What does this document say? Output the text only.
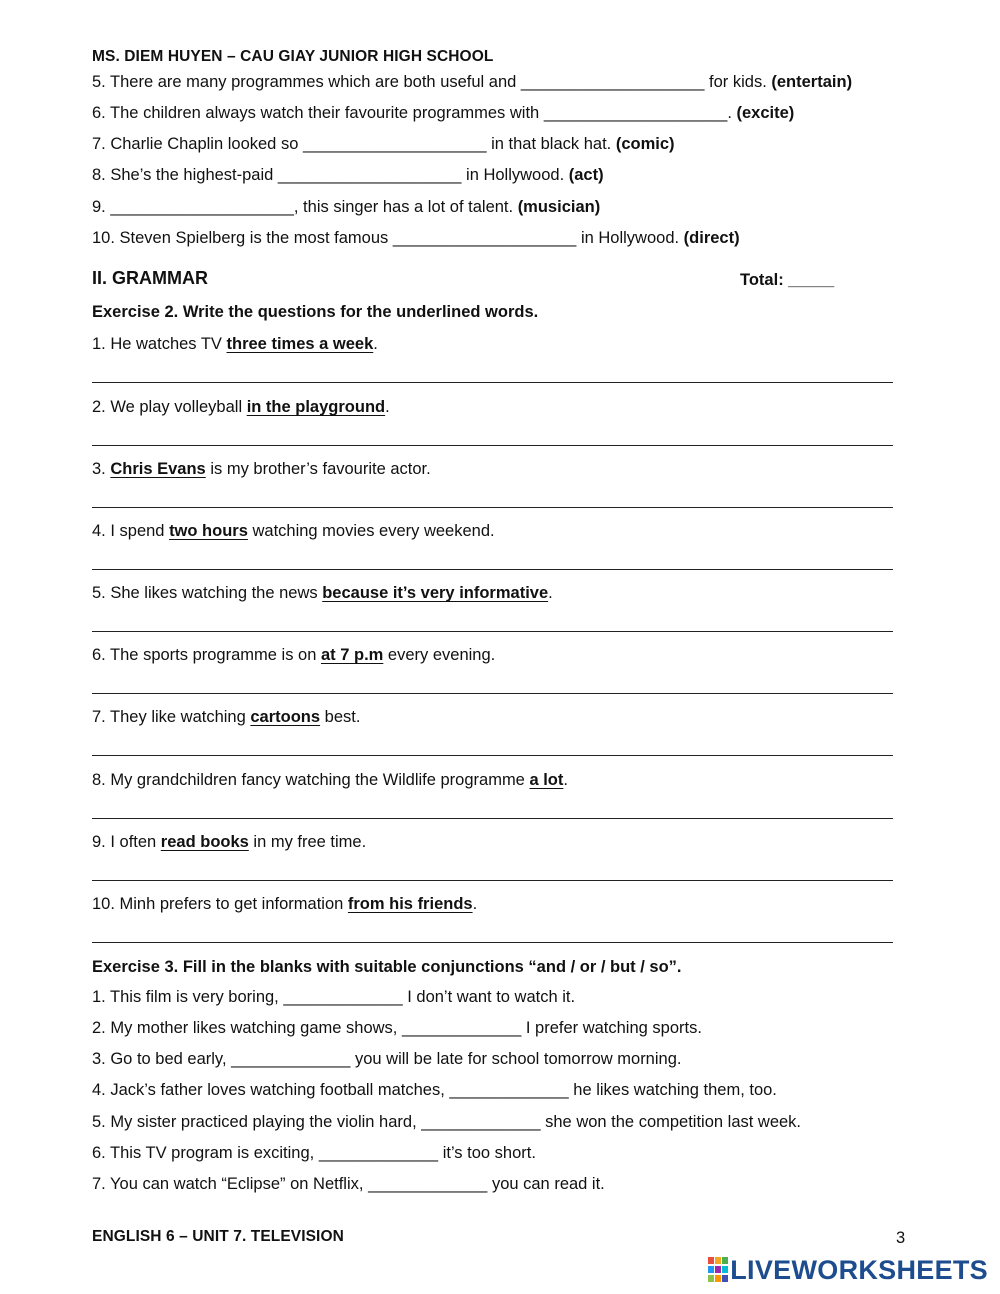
MS. DIEM HUYEN – CAU GIAY JUNIOR HIGH SCHOOL
5. There are many programmes which are both useful and ____________________ for kids. (entertain)
6. The children always watch their favourite programmes with ____________________. (excite)
7. Charlie Chaplin looked so ____________________ in that black hat. (comic)
8. She’s the highest-paid ____________________ in Hollywood. (act)
9. ____________________, this singer has a lot of talent. (musician)
10. Steven Spielberg is the most famous ____________________ in Hollywood. (direct)
II. GRAMMAR	Total: _____
Exercise 2. Write the questions for the underlined words.
1. He watches TV three times a week.
2. We play volleyball in the playground.
3. Chris Evans is my brother’s favourite actor.
4. I spend two hours watching movies every weekend.
5. She likes watching the news because it’s very informative.
6. The sports programme is on at 7 p.m every evening.
7. They like watching cartoons best.
8. My grandchildren fancy watching the Wildlife programme a lot.
9. I often read books in my free time.
10. Minh prefers to get information from his friends.
Exercise 3. Fill in the blanks with suitable conjunctions “and / or / but / so”.
1. This film is very boring, _____________ I don’t want to watch it.
2. My mother likes watching game shows, _____________ I prefer watching sports.
3. Go to bed early, _____________ you will be late for school tomorrow morning.
4. Jack’s father loves watching football matches, _____________ he likes watching them, too.
5. My sister practiced playing the violin hard, _____________ she won the competition last week.
6. This TV program is exciting, _____________ it’s too short.
7. You can watch “Eclipse” on Netflix, _____________ you can read it.
ENGLISH 6 – UNIT 7. TELEVISION	3
LIVEWORKSHEETS
